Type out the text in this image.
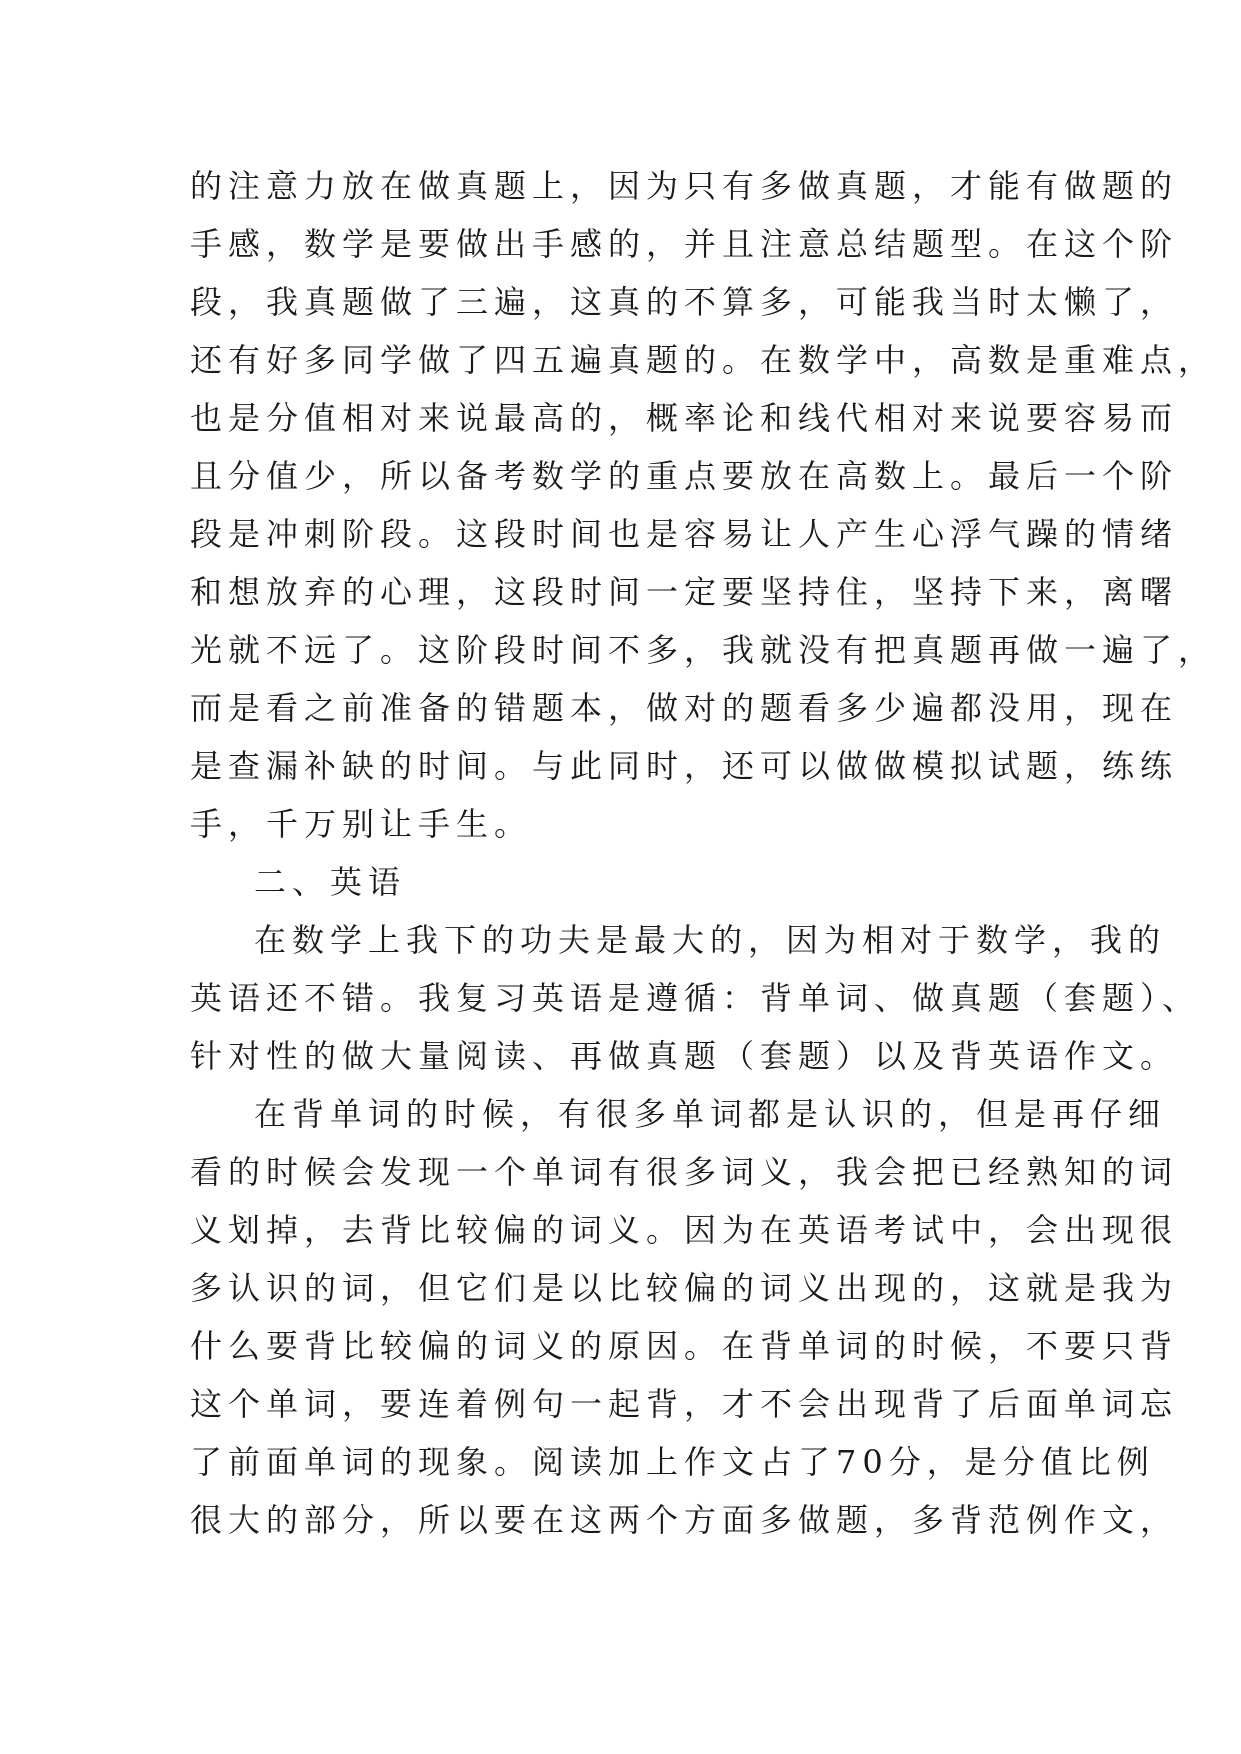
的注意力放在做真题上，因为只有多做真题，才能有做题的
手感，数学是要做出手感的，并且注意总结题型。在这个阶
段，我真题做了三遍，这真的不算多，可能我当时太懒了，
还有好多同学做了四五遍真题的。在数学中，高数是重难点，
也是分值相对来说最高的，概率论和线代相对来说要容易而
且分值少，所以备考数学的重点要放在高数上。最后一个阶
段是冲刺阶段。这段时间也是容易让人产生心浮气躁的情绪
和想放弃的心理，这段时间一定要坚持住，坚持下来，离曙
光就不远了。这阶段时间不多，我就没有把真题再做一遍了，
而是看之前准备的错题本，做对的题看多少遍都没用，现在
是查漏补缺的时间。与此同时，还可以做做模拟试题，练练
手，千万别让手生。
二、英语
在数学上我下的功夫是最大的，因为相对于数学，我的
英语还不错。我复习英语是遵循：背单词、做真题（套题）、
针对性的做大量阅读、再做真题（套题）以及背英语作文。
在背单词的时候，有很多单词都是认识的，但是再仔细
看的时候会发现一个单词有很多词义，我会把已经熟知的词
义划掉，去背比较偏的词义。因为在英语考试中，会出现很
多认识的词，但它们是以比较偏的词义出现的，这就是我为
什么要背比较偏的词义的原因。在背单词的时候，不要只背
这个单词，要连着例句一起背，才不会出现背了后面单词忘
了前面单词的现象。阅读加上作文占了70分，是分值比例
很大的部分，所以要在这两个方面多做题，多背范例作文，
